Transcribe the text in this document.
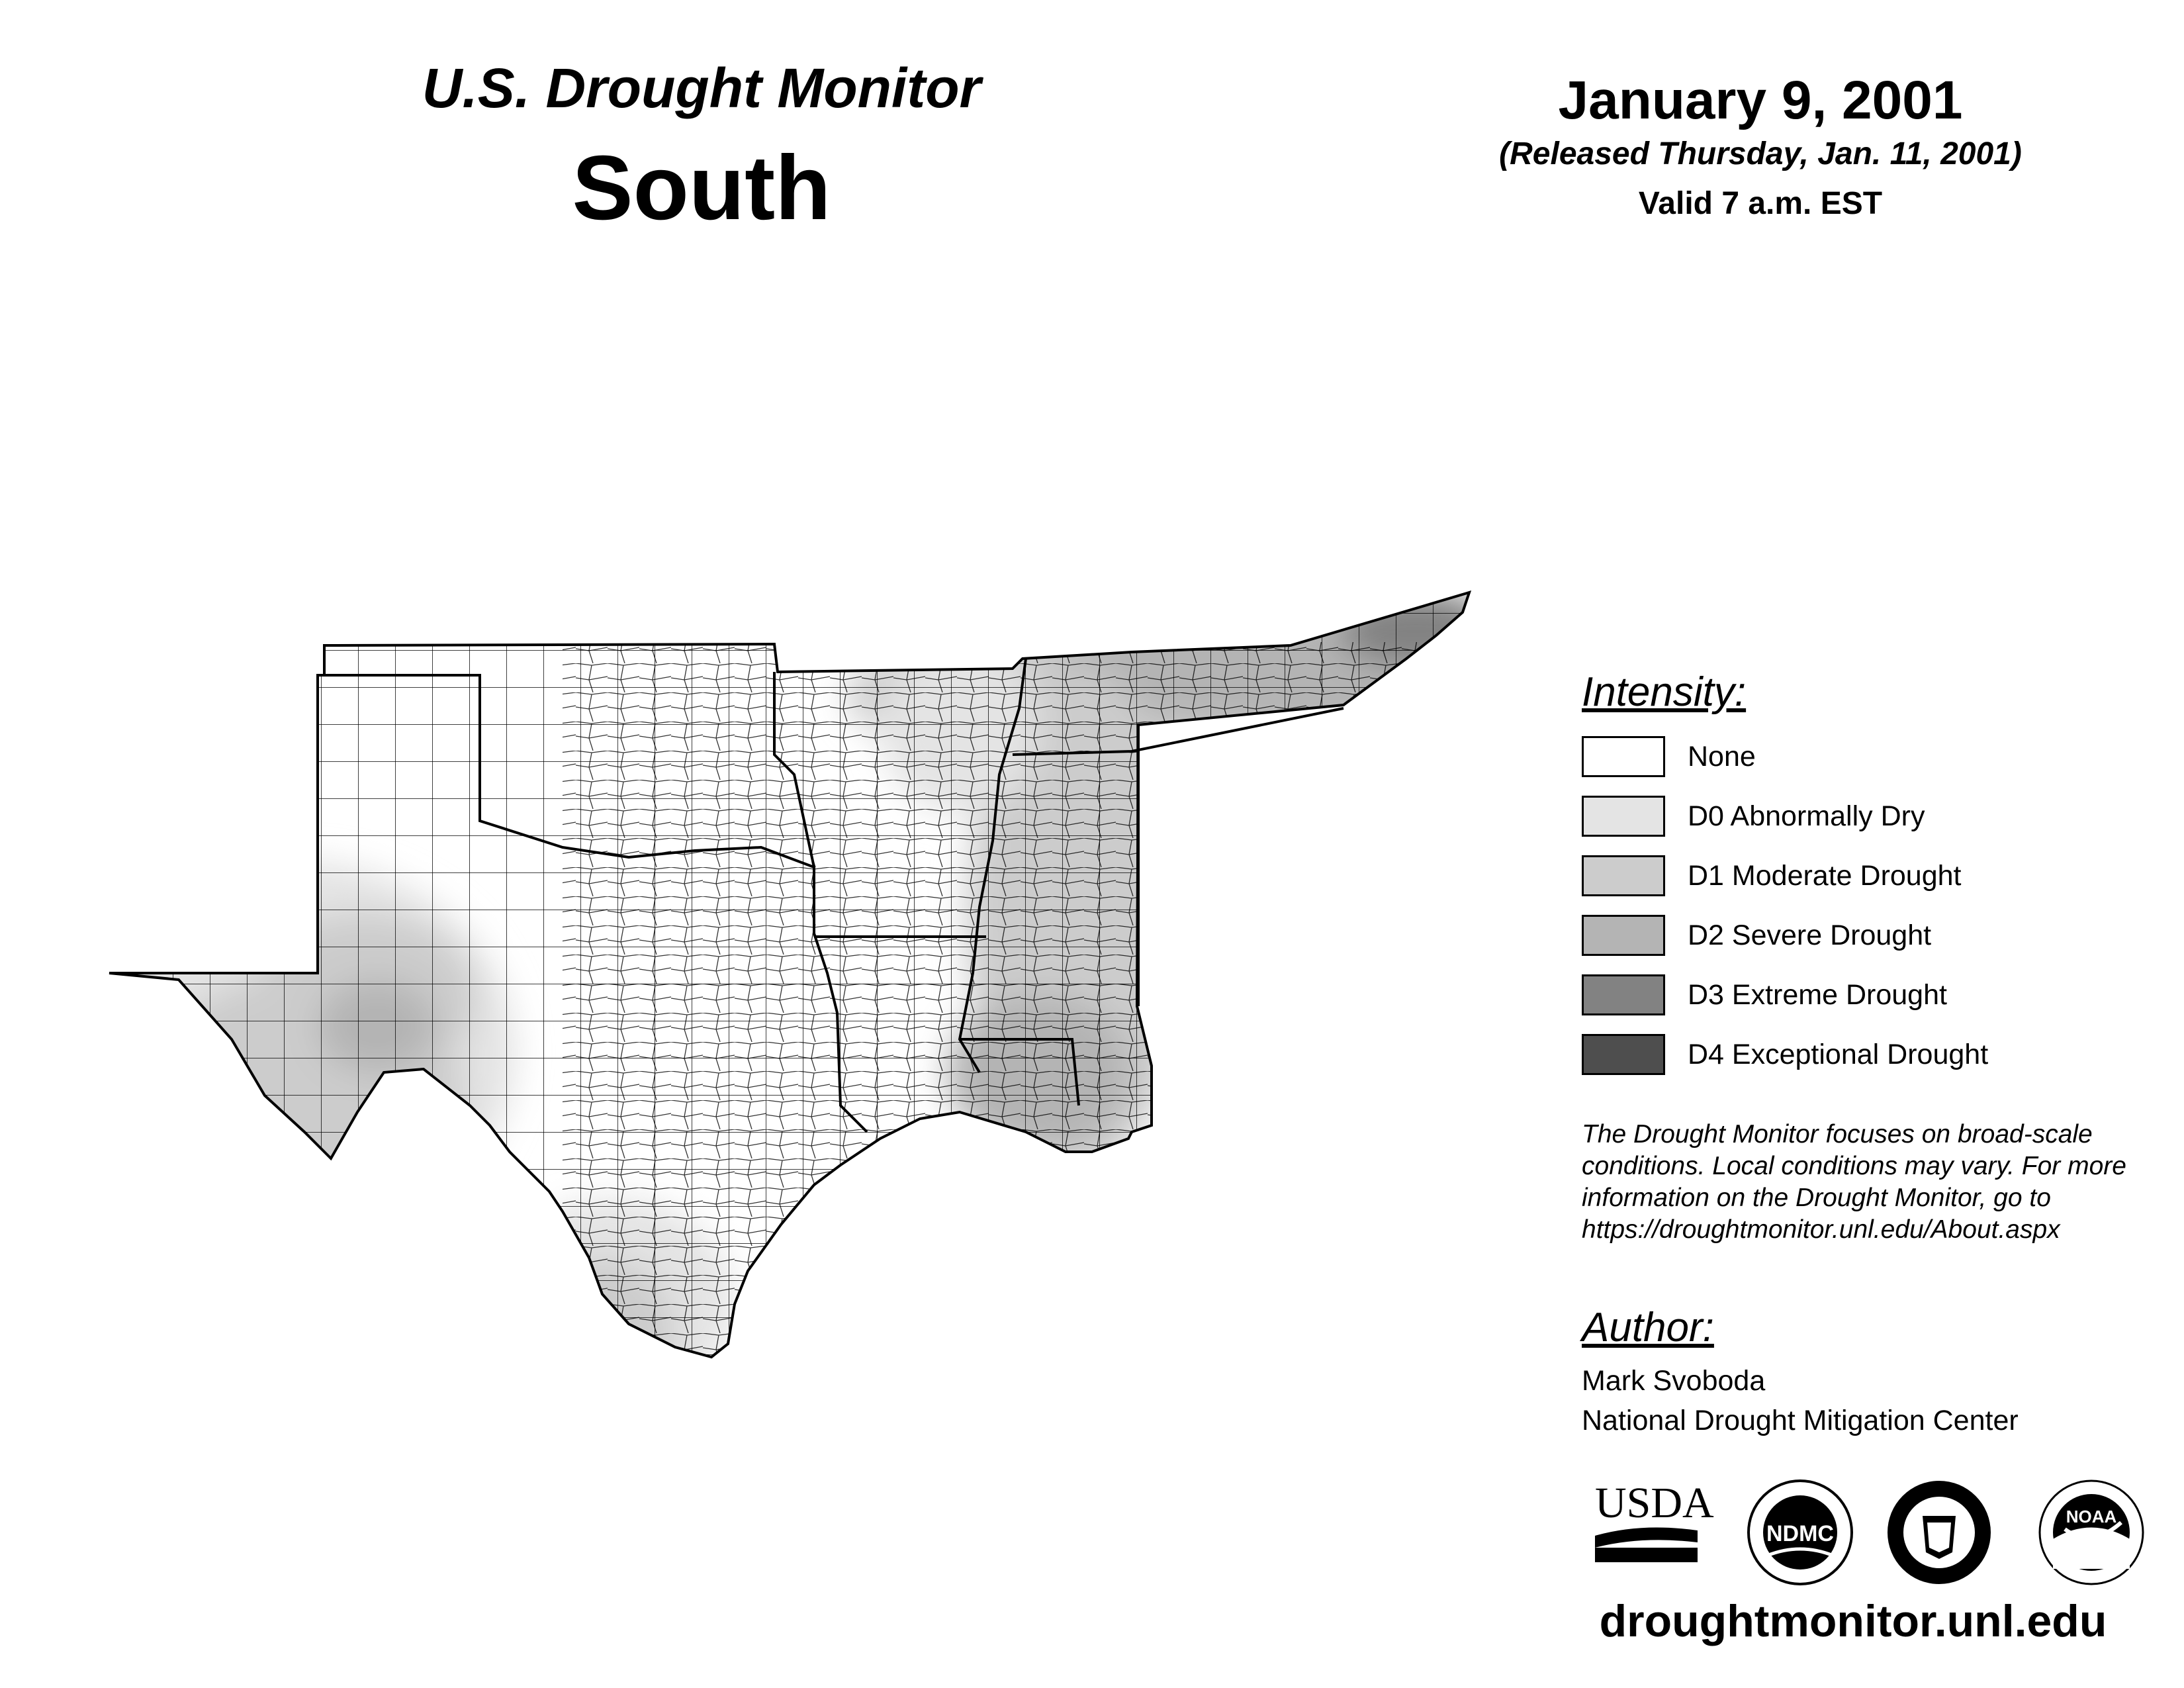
U.S. Drought Monitor
South
January 9, 2001
(Released Thursday, Jan. 11, 2001)
Valid 7 a.m. EST
Intensity:
None
D0 Abnormally Dry
D1 Moderate Drought
D2 Severe Drought
D3 Extreme Drought
D4 Exceptional Drought
The Drought Monitor focuses on broad-scale conditions. Local conditions may vary. For more information on the Drought Monitor, go to https://droughtmonitor.unl.edu/About.aspx
Author:
Mark Svoboda
National Drought Mitigation Center
USDA
NDMC
NOAA
droughtmonitor.unl.edu
